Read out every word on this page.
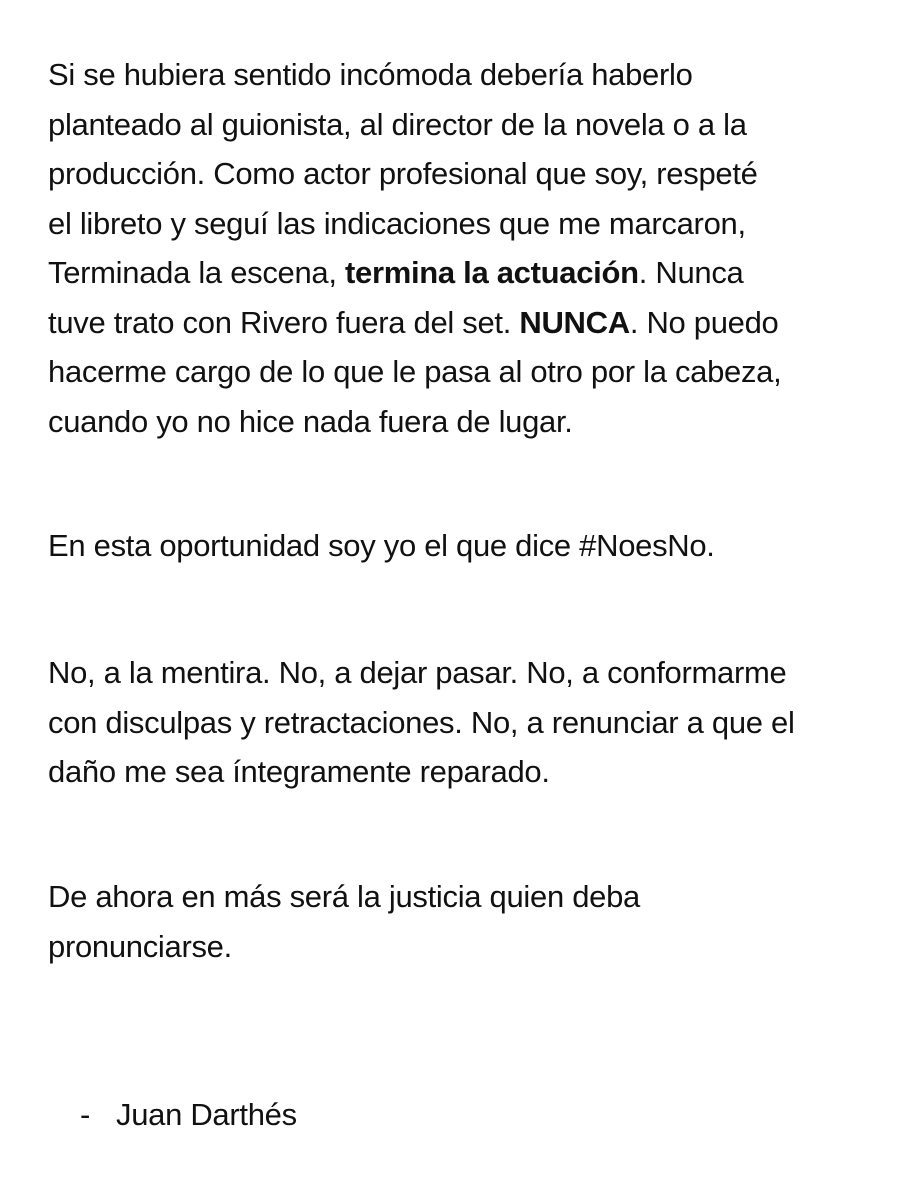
Si se hubiera sentido incómoda debería haberlo
planteado al guionista, al director de la novela o a la
producción. Como actor profesional que soy, respeté
el libreto y seguí las indicaciones que me marcaron,
Terminada la escena, termina la actuación. Nunca
tuve trato con Rivero fuera del set. NUNCA. No puedo
hacerme cargo de lo que le pasa al otro por la cabeza,
cuando yo no hice nada fuera de lugar.

En esta oportunidad soy yo el que dice #NoesNo.

No, a la mentira. No, a dejar pasar. No, a conformarme
con disculpas y retractaciones. No, a renunciar a que el
daño me sea íntegramente reparado.

De ahora en más será la justicia quien deba
pronunciarse.

- Juan Darthés
